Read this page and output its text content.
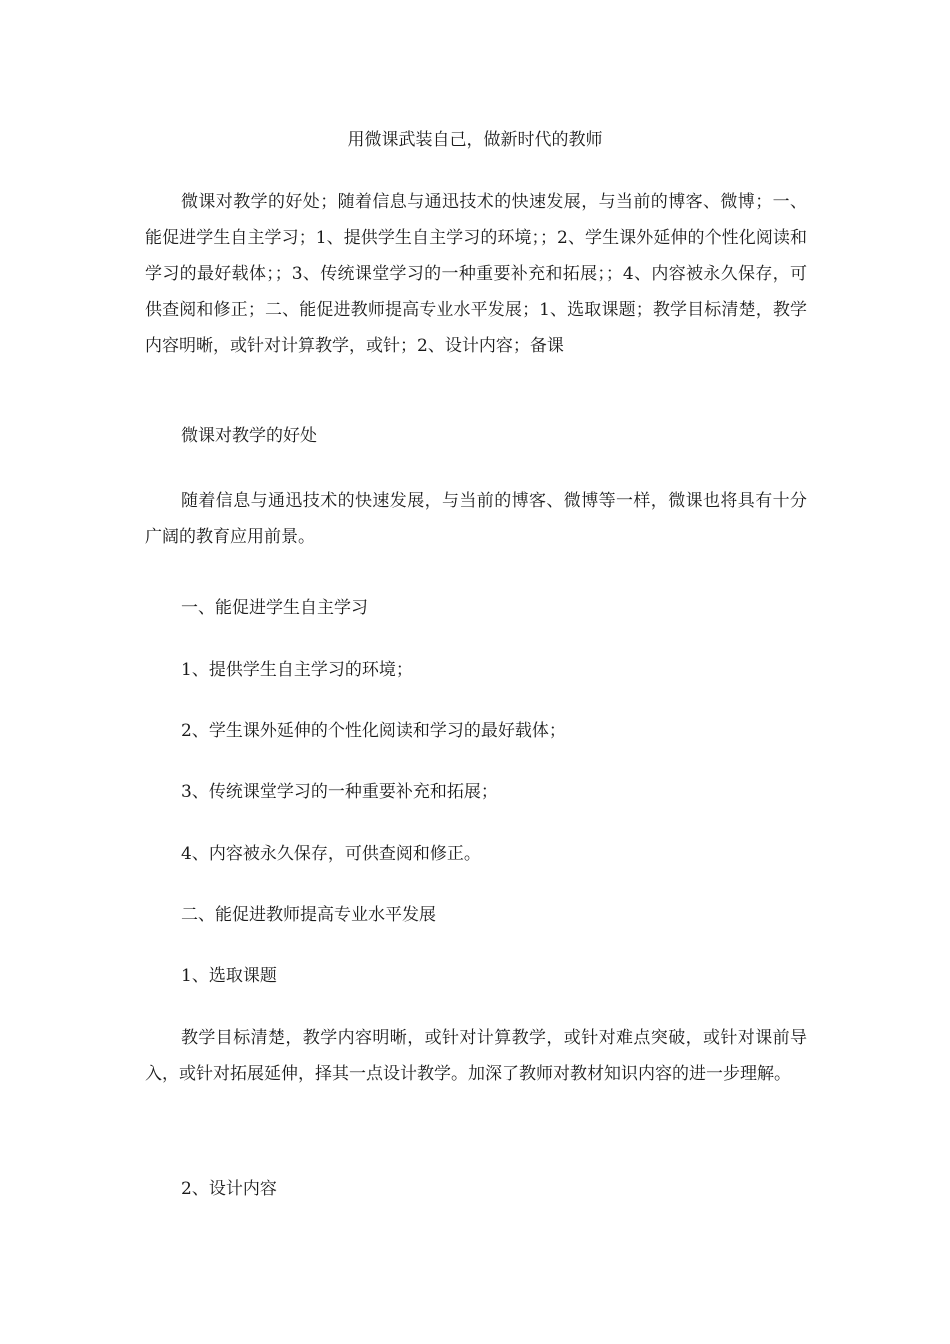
用微课武装自己，做新时代的教师
微课对教学的好处；随着信息与通迅技术的快速发展，与当前的博客、微博；一、能促进学生自主学习；1、提供学生自主学习的环境；；2、学生课外延伸的个性化阅读和学习的最好载体；；3、传统课堂学习的一种重要补充和拓展；；4、内容被永久保存，可供查阅和修正；二、能促进教师提高专业水平发展；1、选取课题；教学目标清楚，教学内容明晰，或针对计算教学，或针；2、设计内容；备课
微课对教学的好处
随着信息与通迅技术的快速发展，与当前的博客、微博等一样，微课也将具有十分广阔的教育应用前景。
一、能促进学生自主学习
1、提供学生自主学习的环境；
2、学生课外延伸的个性化阅读和学习的最好载体；
3、传统课堂学习的一种重要补充和拓展；
4、内容被永久保存，可供查阅和修正。
二、能促进教师提高专业水平发展
1、选取课题
教学目标清楚，教学内容明晰，或针对计算教学，或针对难点突破，或针对课前导入，或针对拓展延伸，择其一点设计教学。加深了教师对教材知识内容的进一步理解。
2、设计内容
